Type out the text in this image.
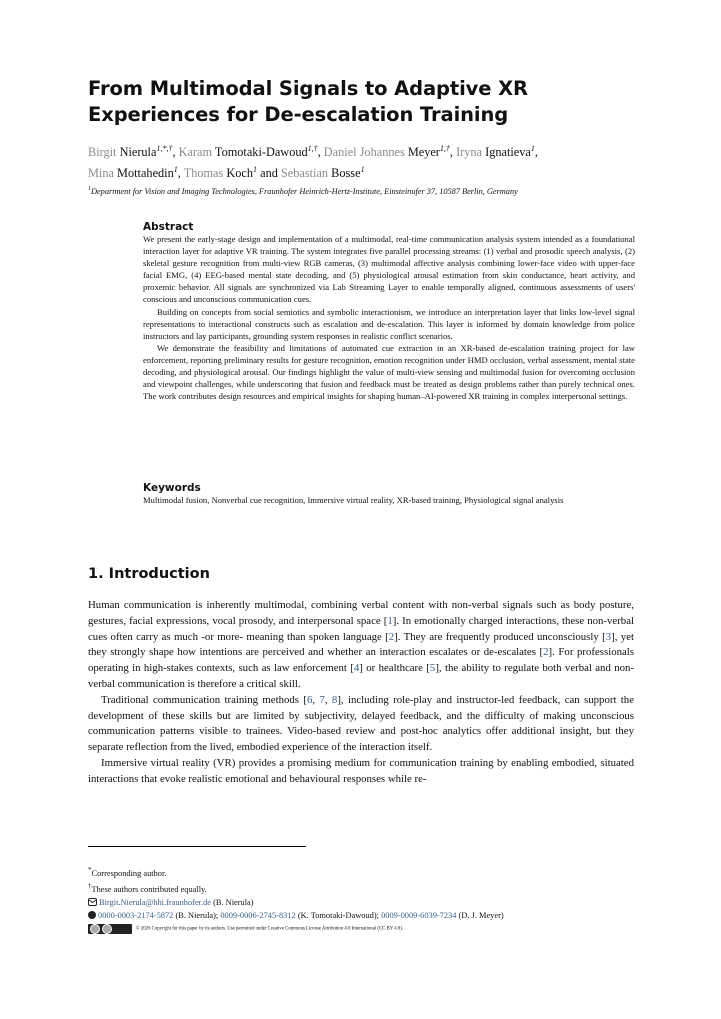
From Multimodal Signals to Adaptive XR Experiences for De-escalation Training
Birgit Nierula$^{1,*,\dagger}$, Karam Tomotaki-Dawoud$^{1,\dagger}$, Daniel Johannes Meyer$^{1,\dagger}$, Iryna Ignatieva$^1$,
Mina Mottahedin$^1$, Thomas Koch$^1$ and Sebastian Bosse$^1$
$^1$Department for Vision and Imaging Technologies, Fraunhofer Heinrich-Hertz-Institute, Einsteinufer 37, 10587 Berlin, Germany
Abstract

We present the early-stage design and implementation of a multimodal, real-time communication analysis system intended as a foundational interaction layer for adaptive VR training. The system integrates five parallel processing streams: (1) verbal and prosodic speech analysis, (2) skeletal gesture recognition from multi-view RGB cameras, (3) multimodal affective analysis combining lower-face video with upper-face facial EMG, (4) EEG-based mental state decoding, and (5) physiological arousal estimation from skin conductance, heart activity, and proxemic behavior. All signals are synchronized via Lab Streaming Layer to enable temporally aligned, continuous assessments of users' conscious and unconscious communication cues.

Building on concepts from social semiotics and symbolic interactionism, we introduce an interpretation layer that links low-level signal representations to interactional constructs such as escalation and de-escalation. This layer is informed by domain knowledge from police instructors and lay participants, grounding system responses in realistic conflict scenarios.

We demonstrate the feasibility and limitations of automated cue extraction in an XR-based de-escalation training project for law enforcement, reporting preliminary results for gesture recognition, emotion recognition under HMD occlusion, verbal assessment, mental state decoding, and physiological arousal. Our findings highlight the value of multi-view sensing and multimodal fusion for overcoming occlusion and viewpoint challenges, while underscoring that fusion and feedback must be treated as design problems rather than purely technical ones. The work contributes design resources and empirical insights for shaping human–AI-powered XR training in complex interpersonal settings.

Keywords

Multimodal fusion, Nonverbal cue recognition, Immersive virtual reality, XR-based training, Physiological signal analysis

1. Introduction

Human communication is inherently multimodal, combining verbal content with non-verbal signals such as body posture, gestures, facial expressions, vocal prosody, and interpersonal space [1]. In emotionally charged interactions, these non-verbal cues often carry as much -or more- meaning than spoken language [2]. They are frequently produced unconsciously [3], yet they strongly shape how intentions are perceived and whether an interaction escalates or de-escalates [2]. For professionals operating in high-stakes contexts, such as law enforcement [4] or healthcare [5], the ability to regulate both verbal and non-verbal communication is therefore a critical skill.

Traditional communication training methods [6, 7, 8], including role-play and instructor-led feedback, can support the development of these skills but are limited by subjectivity, delayed feedback, and the difficulty of making unconscious communication patterns visible to trainees. Video-based review and post-hoc analytics offer additional insight, but they separate reflection from the lived, embodied experience of the interaction itself.

Immersive virtual reality (VR) provides a promising medium for communication training by enabling embodied, situated interactions that evoke realistic emotional and behavioural responses while re-

*Corresponding author.
†These authors contributed equally.
Birgit.Nierula@hhi.fraunhofer.de (B. Nierula)
0000-0003-2174-5872 (B. Nierula); 0009-0006-2745-8312 (K. Tomotaki-Dawoud); 0009-0009-6039-7234 (D. J. Meyer)
© 2026 Copyright for this paper by its authors. Use permitted under Creative Commons License Attribution 4.0 International (CC BY 4.0).
